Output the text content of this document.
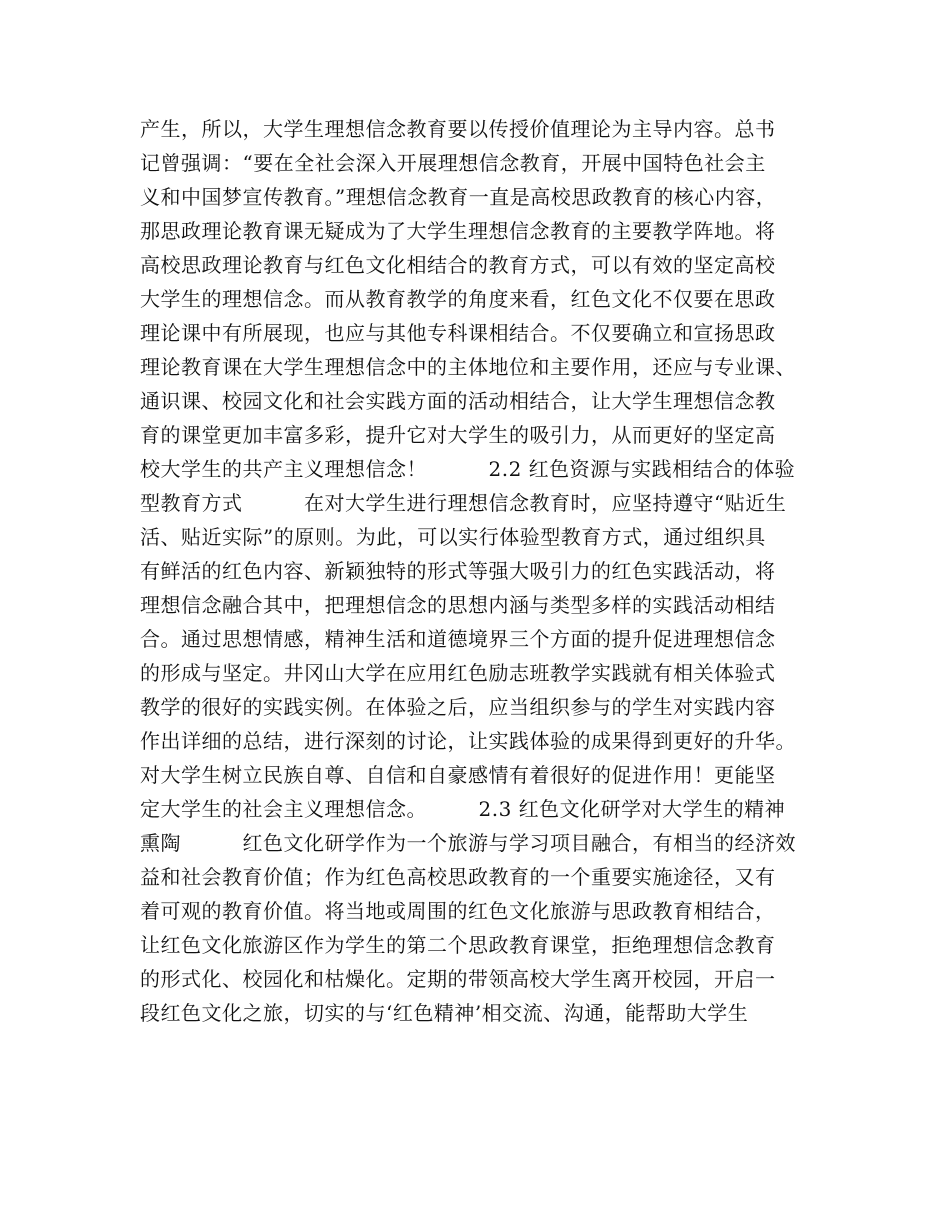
产生，所以，大学生理想信念教育要以传授价值理论为主导内容。总书
记曾强调：“要在全社会深入开展理想信念教育，开展中国特色社会主
义和中国梦宣传教育。”理想信念教育一直是高校思政教育的核心内容，
那思政理论教育课无疑成为了大学生理想信念教育的主要教学阵地。将
高校思政理论教育与红色文化相结合的教育方式，可以有效的坚定高校
大学生的理想信念。而从教育教学的角度来看，红色文化不仅要在思政
理论课中有所展现，也应与其他专科课相结合。不仅要确立和宣扬思政
理论教育课在大学生理想信念中的主体地位和主要作用，还应与专业课、
通识课、校园文化和社会实践方面的活动相结合，让大学生理想信念教
育的课堂更加丰富多彩，提升它对大学生的吸引力，从而更好的坚定高
校大学生的共产主义理想信念！　　　2.2 红色资源与实践相结合的体验
型教育方式　　　在对大学生进行理想信念教育时，应坚持遵守“贴近生
活、贴近实际”的原则。为此，可以实行体验型教育方式，通过组织具
有鲜活的红色内容、新颖独特的形式等强大吸引力的红色实践活动，将
理想信念融合其中，把理想信念的思想内涵与类型多样的实践活动相结
合。通过思想情感，精神生活和道德境界三个方面的提升促进理想信念
的形成与坚定。井冈山大学在应用红色励志班教学实践就有相关体验式
教学的很好的实践实例。在体验之后，应当组织参与的学生对实践内容
作出详细的总结，进行深刻的讨论，让实践体验的成果得到更好的升华。
对大学生树立民族自尊、自信和自豪感情有着很好的促进作用！更能坚
定大学生的社会主义理想信念。　　　2.3 红色文化研学对大学生的精神
熏陶　　　红色文化研学作为一个旅游与学习项目融合，有相当的经济效
益和社会教育价值；作为红色高校思政教育的一个重要实施途径，又有
着可观的教育价值。将当地或周围的红色文化旅游与思政教育相结合，
让红色文化旅游区作为学生的第二个思政教育课堂，拒绝理想信念教育
的形式化、校园化和枯燥化。定期的带领高校大学生离开校园，开启一
段红色文化之旅，切实的与‘红色精神’相交流、沟通，能帮助大学生
